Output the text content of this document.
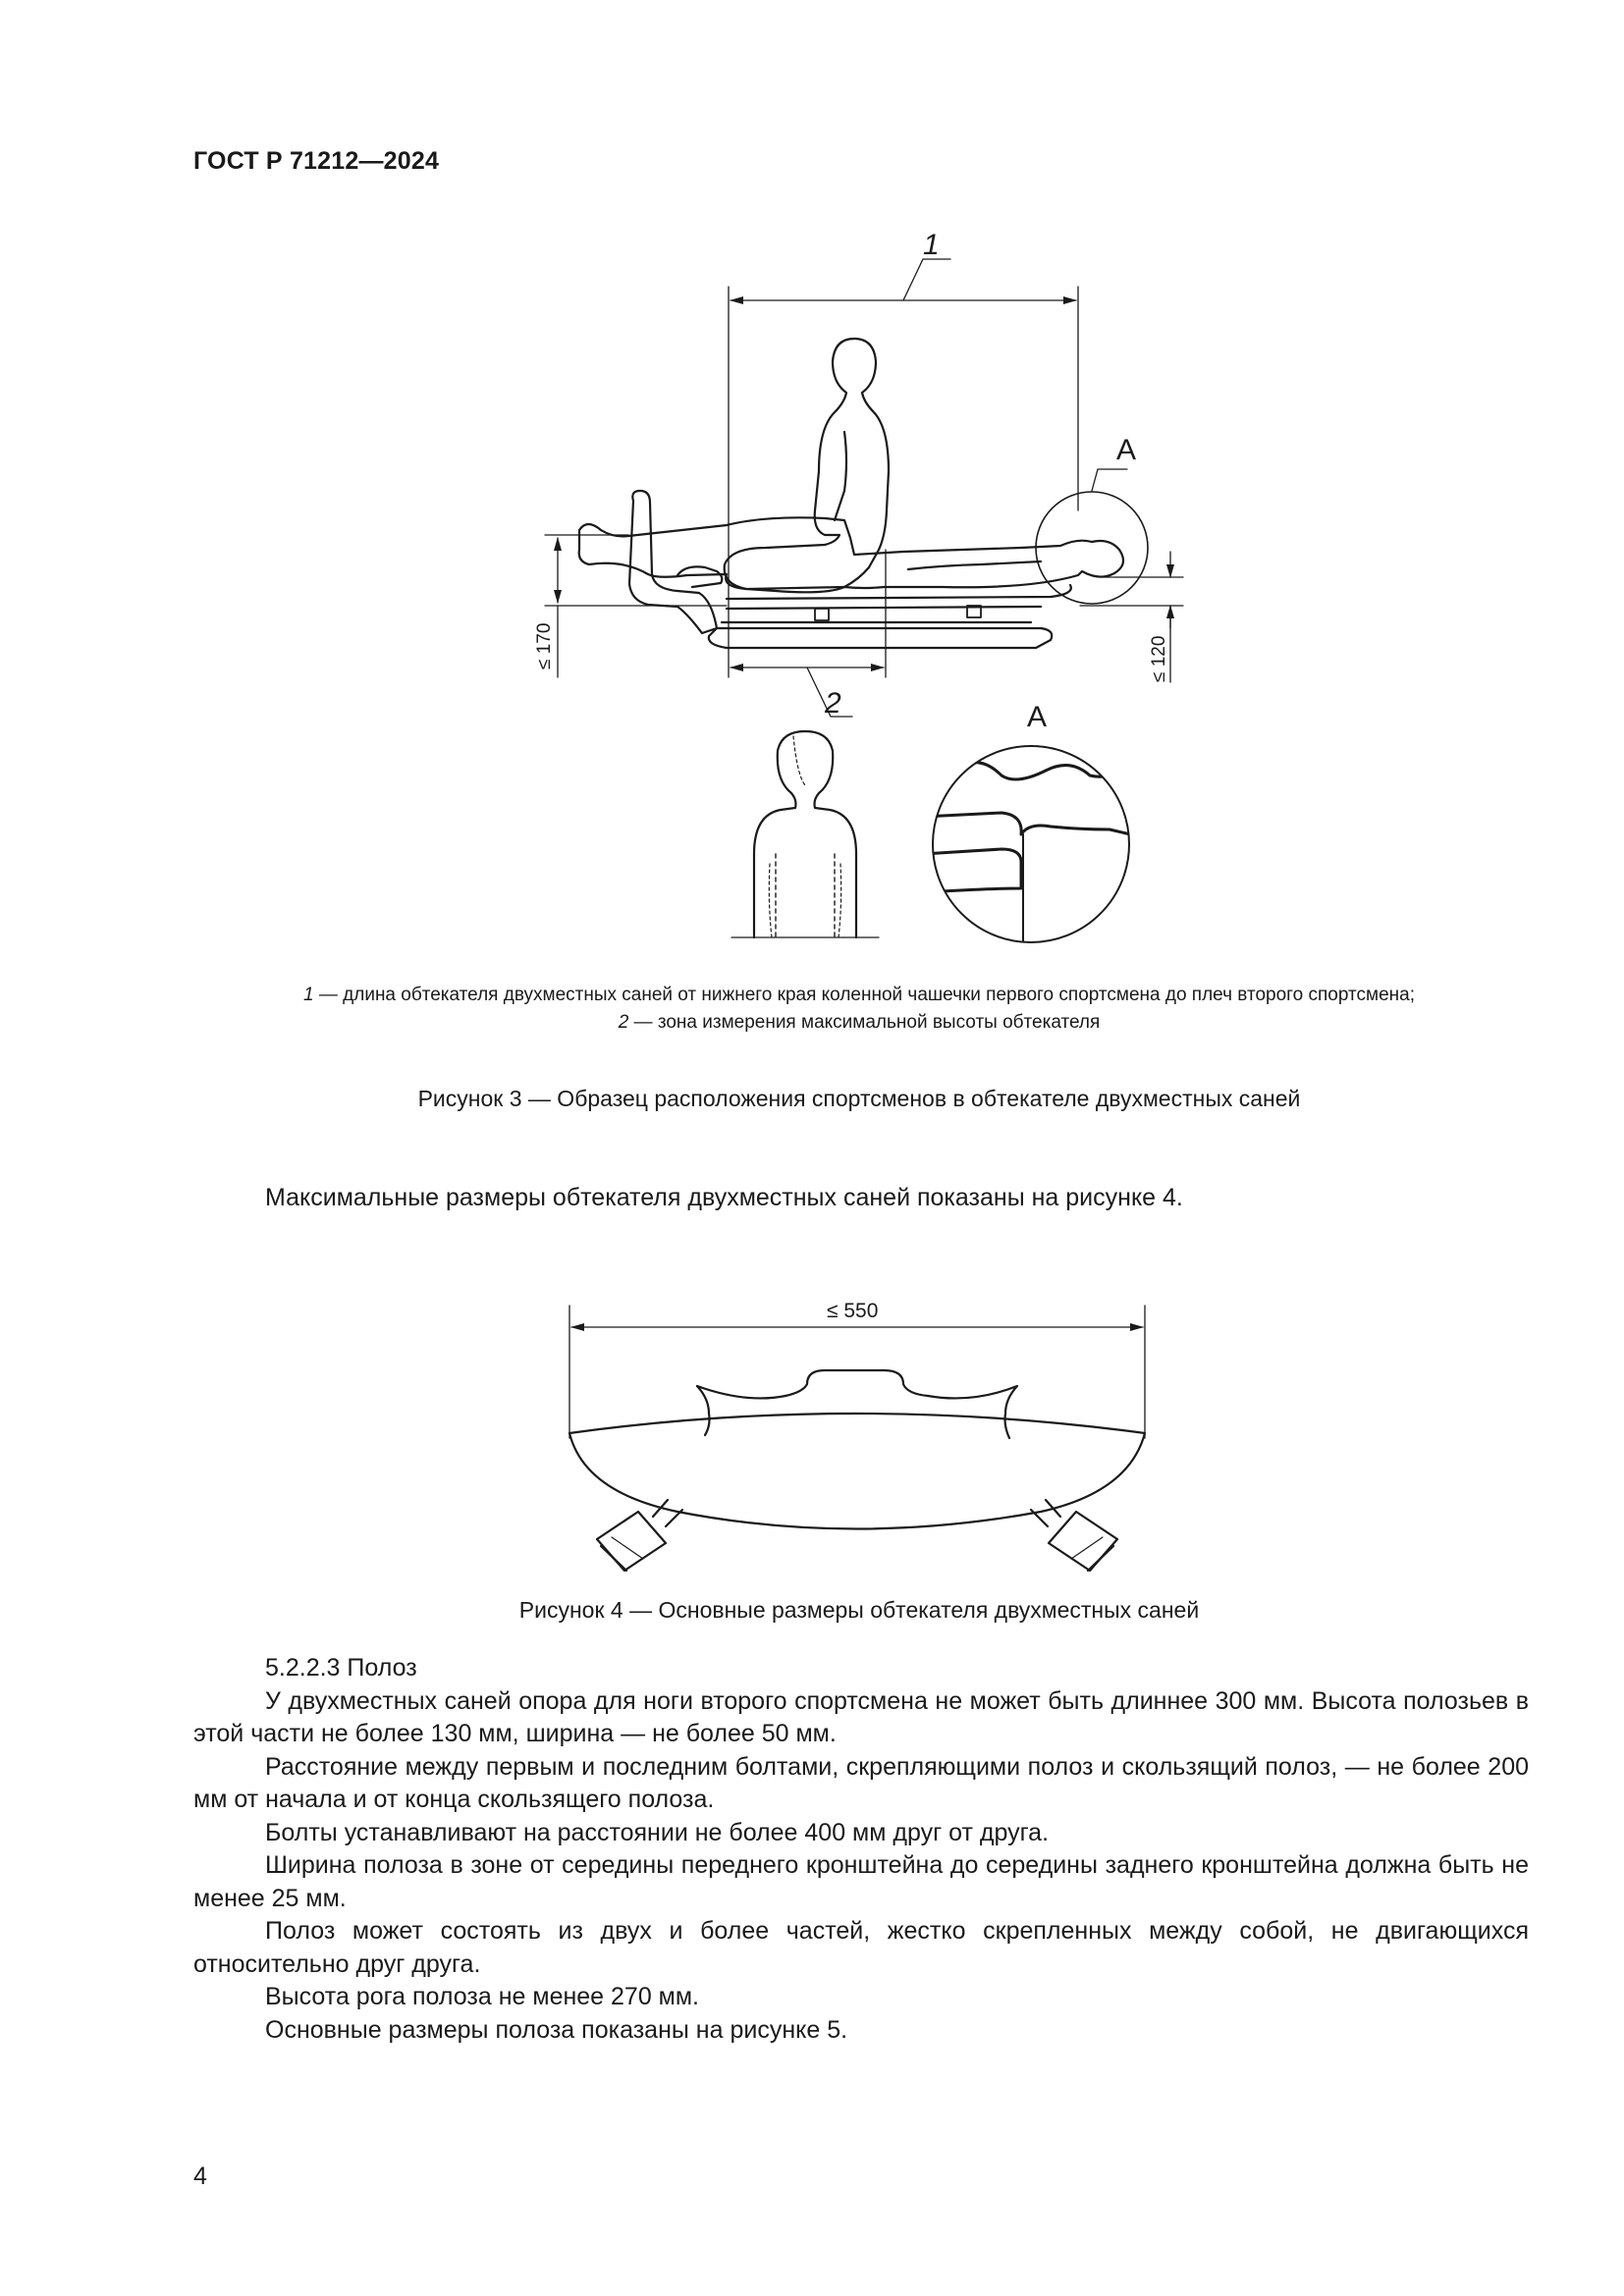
ГОСТ Р 71212—2024
1
2
A
A
≤ 170	≤ 120
1 — длина обтекателя двухместных саней от нижнего края коленной чашечки первого спортсмена до плеч второго спортсмена;
2 — зона измерения максимальной высоты обтекателя
Рисунок 3 — Образец расположения спортсменов в обтекателе двухместных саней
Максимальные размеры обтекателя двухместных саней показаны на рисунке 4.
≤ 550
Рисунок 4 — Основные размеры обтекателя двухместных саней

5.2.2.3 Полоз

У двухместных саней опора для ноги второго спортсмена не может быть длиннее 300 мм. Высота полозьев в этой части не более 130 мм, ширина — не более 50 мм.

Расстояние между первым и последним болтами, скрепляющими полоз и скользящий полоз, — не более 200 мм от начала и от конца скользящего полоза.

Болты устанавливают на расстоянии не более 400 мм друг от друга.

Ширина полоза в зоне от середины переднего кронштейна до середины заднего кронштейна должна быть не менее 25 мм.

Полоз может состоять из двух и более частей, жестко скрепленных между собой, не двигающихся относительно друг друга.

Высота рога полоза не менее 270 мм.

Основные размеры полоза показаны на рисунке 5.

4
